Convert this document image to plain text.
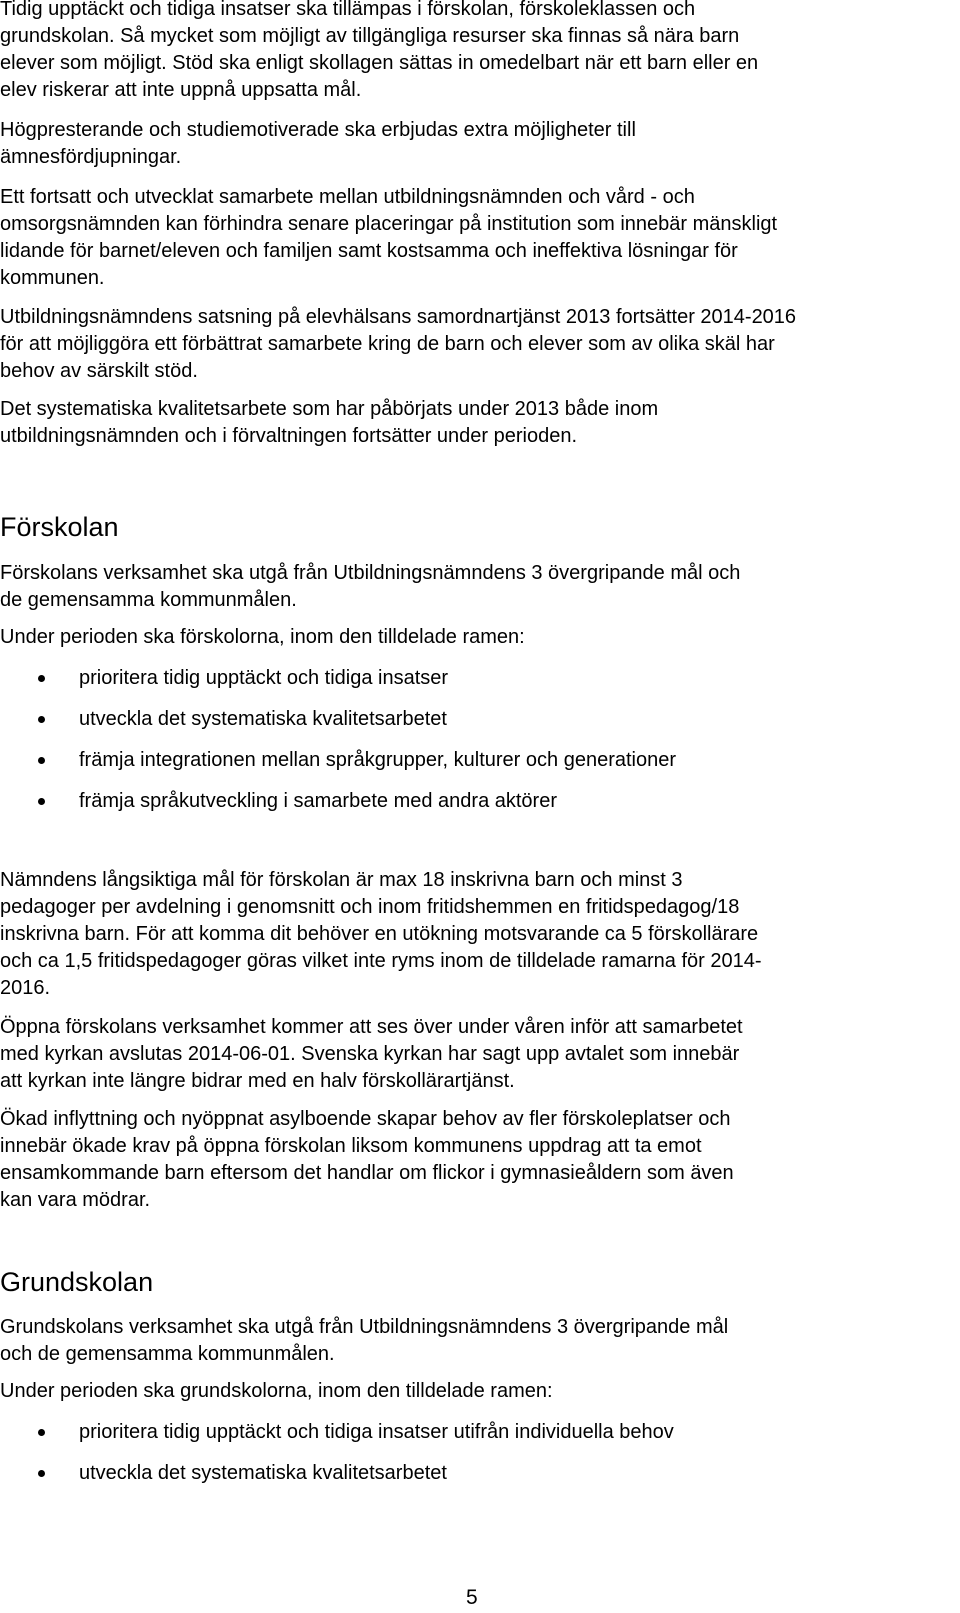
Tidig upptäckt och tidiga insatser ska tillämpas i förskolan, förskoleklassen och
grundskolan. Så mycket som möjligt av tillgängliga resurser ska finnas så nära barn
elever som möjligt. Stöd ska enligt skollagen sättas in omedelbart när ett barn eller en
elev riskerar att inte uppnå uppsatta mål.

Högpresterande och studiemotiverade ska erbjudas extra möjligheter till
ämnesfördjupningar.

Ett fortsatt och utvecklat samarbete mellan utbildningsnämnden och vård - och
omsorgsnämnden kan förhindra senare placeringar på institution som innebär mänskligt
lidande för barnet/eleven och familjen samt kostsamma och ineffektiva lösningar för
kommunen.

Utbildningsnämndens satsning på elevhälsans samordnartjänst 2013 fortsätter 2014-2016
för att möjliggöra ett förbättrat samarbete kring de barn och elever som av olika skäl har
behov av särskilt stöd.

Det systematiska kvalitetsarbete som har påbörjats under 2013 både inom
utbildningsnämnden och i förvaltningen fortsätter under perioden.

Förskolan

Förskolans verksamhet ska utgå från Utbildningsnämndens 3 övergripande mål och
de gemensamma kommunmålen.

Under perioden ska förskolorna, inom den tilldelade ramen:

prioritera tidig upptäckt och tidiga insatser
utveckla det systematiska kvalitetsarbetet
främja integrationen mellan språkgrupper, kulturer och generationer
främja språkutveckling i samarbete med andra aktörer

Nämndens långsiktiga mål för förskolan är max 18 inskrivna barn och minst 3
pedagoger per avdelning i genomsnitt och inom fritidshemmen en fritidspedagog/18
inskrivna barn. För att komma dit behöver en utökning motsvarande ca 5 förskollärare
och ca 1,5 fritidspedagoger göras vilket inte ryms inom de tilldelade ramarna för 2014-
2016.

Öppna förskolans verksamhet kommer att ses över under våren inför att samarbetet
med kyrkan avslutas 2014-06-01. Svenska kyrkan har sagt upp avtalet som innebär
att kyrkan inte längre bidrar med en halv förskollärartjänst.

Ökad inflyttning och nyöppnat asylboende skapar behov av fler förskoleplatser och
innebär ökade krav på öppna förskolan liksom kommunens uppdrag att ta emot
ensamkommande barn eftersom det handlar om flickor i gymnasieåldern som även
kan vara mödrar.

Grundskolan

Grundskolans verksamhet ska utgå från Utbildningsnämndens 3 övergripande mål
och de gemensamma kommunmålen.

Under perioden ska grundskolorna, inom den tilldelade ramen:

prioritera tidig upptäckt och tidiga insatser utifrån individuella behov
utveckla det systematiska kvalitetsarbetet
5
